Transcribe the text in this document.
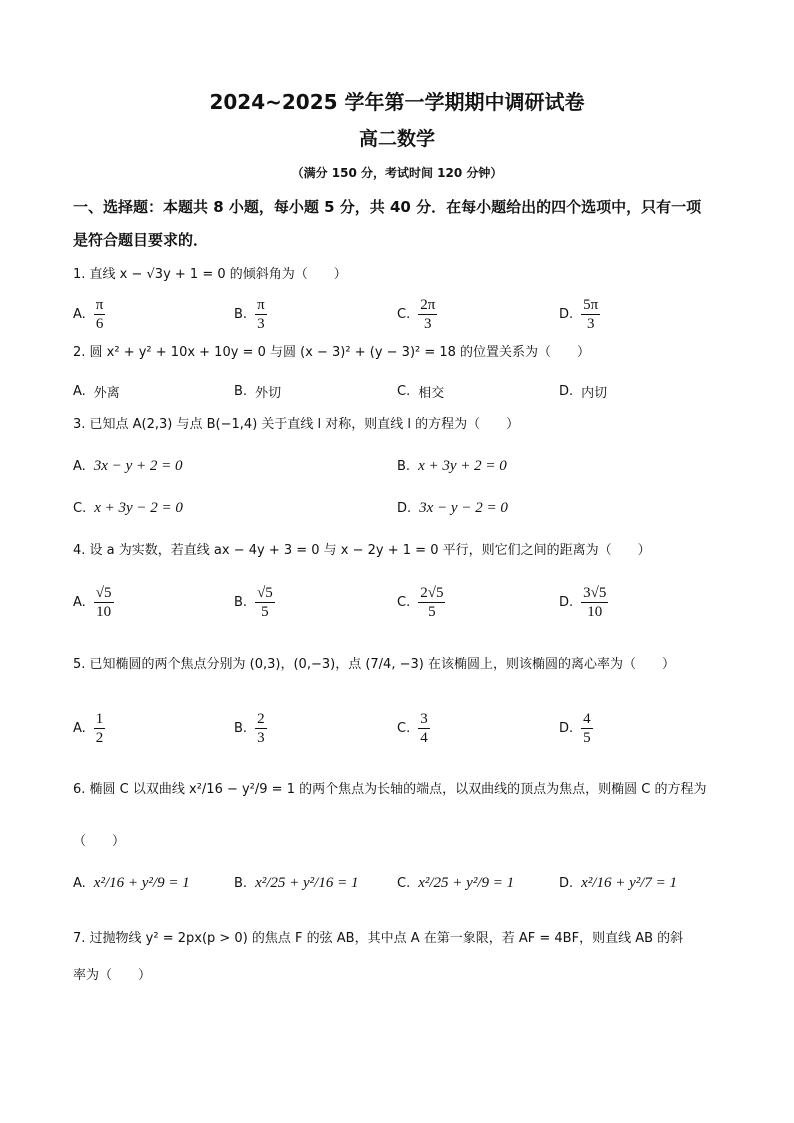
2024~2025 学年第一学期期中调研试卷
高二数学
（满分 150 分，考试时间 120 分钟）
一、选择题：本题共 8 小题，每小题 5 分，共 40 分．在每小题给出的四个选项中，只有一项
是符合题目要求的．
1. 直线 x − √3y + 1 = 0 的倾斜角为（　　）
A. $\frac{\pi}{6}$	B. $\frac{\pi}{3}$	C. $\frac{2\pi}{3}$	D. $\frac{5\pi}{3}$
2. 圆 x² + y² + 10x + 10y = 0 与圆 (x − 3)² + (y − 3)² = 18 的位置关系为（　　）
A. 外离	B. 外切	C. 相交	D. 内切
3. 已知点 A(2,3) 与点 B(−1,4) 关于直线 l 对称，则直线 l 的方程为（　　）
A. 3x − y + 2 = 0	B. x + 3y + 2 = 0
C. x + 3y − 2 = 0	D. 3x − y − 2 = 0
4. 设 a 为实数，若直线 ax − 4y + 3 = 0 与 x − 2y + 1 = 0 平行，则它们之间的距离为（　　）
A. $\frac{√5}{10}$	B. $\frac{√5}{5}$	C. $\frac{2√5}{5}$	D. $\frac{3√5}{10}$
5. 已知椭圆的两个焦点分别为 (0,3)，(0,−3)，点 (7/4, −3) 在该椭圆上，则该椭圆的离心率为（　　）
A. $\frac{1}{2}$	B. $\frac{2}{3}$	C. $\frac{3}{4}$	D. $\frac{4}{5}$
6. 椭圆 C 以双曲线 x²/16 − y²/9 = 1 的两个焦点为长轴的端点，以双曲线的顶点为焦点，则椭圆 C 的方程为
（　　）
A. x²/16 + y²/9 = 1	B. x²/25 + y²/16 = 1	C. x²/25 + y²/9 = 1	D. x²/16 + y²/7 = 1
7. 过抛物线 y² = 2px(p > 0) 的焦点 F 的弦 AB，其中点 A 在第一象限，若 AF = 4BF，则直线 AB 的斜
率为（　　）
